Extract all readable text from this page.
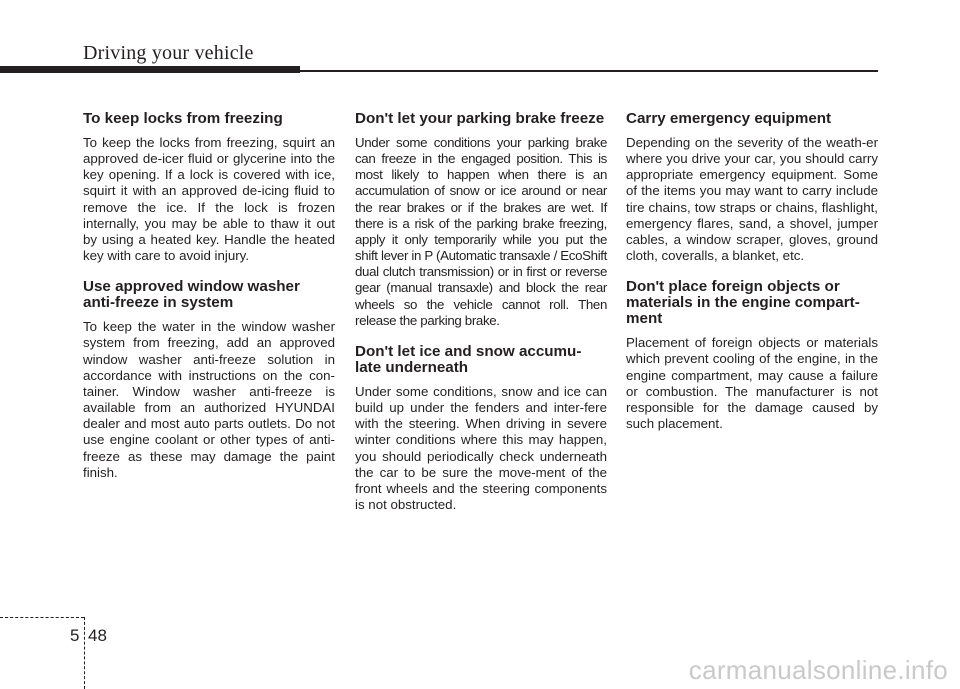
Driving your vehicle
To keep locks from freezing

To keep the locks from freezing, squirt an approved de-icer fluid or glycerine into the key opening. If a lock is covered with ice, squirt it with an approved de-icing fluid to remove the ice. If the lock is frozen internally, you may be able to thaw it out by using a heated key. Handle the heated key with care to avoid injury.

Use approved window washer anti-freeze in system

To keep the water in the window washer system from freezing, add an approved window washer anti-freeze solution in accordance with instructions on the con-tainer. Window washer anti-freeze is available from an authorized HYUNDAI dealer and most auto parts outlets. Do not use engine coolant or other types of anti-freeze as these may damage the paint finish.

Don't let your parking brake freeze

Under some conditions your parking brake can freeze in the engaged position. This is most likely to happen when there is an accumulation of snow or ice around or near the rear brakes or if the brakes are wet. If there is a risk of the parking brake freezing, apply it only temporarily while you put the shift lever in P (Automatic transaxle / EcoShift dual clutch transmission) or in first or reverse gear (manual transaxle) and block the rear wheels so the vehicle cannot roll. Then release the parking brake.

Don't let ice and snow accumu-late underneath

Under some conditions, snow and ice can build up under the fenders and inter-fere with the steering. When driving in severe winter conditions where this may happen, you should periodically check underneath the car to be sure the move-ment of the front wheels and the steering components is not obstructed.

Carry emergency equipment

Depending on the severity of the weath-er where you drive your car, you should carry appropriate emergency equipment. Some of the items you may want to carry include tire chains, tow straps or chains, flashlight, emergency flares, sand, a shovel, jumper cables, a window scraper, gloves, ground cloth, coveralls, a blanket, etc.

Don't place foreign objects or materials in the engine compart-ment

Placement of foreign objects or materials which prevent cooling of the engine, in the engine compartment, may cause a failure or combustion. The manufacturer is not responsible for the damage caused by such placement.

5 48
carmanualsonline.info
